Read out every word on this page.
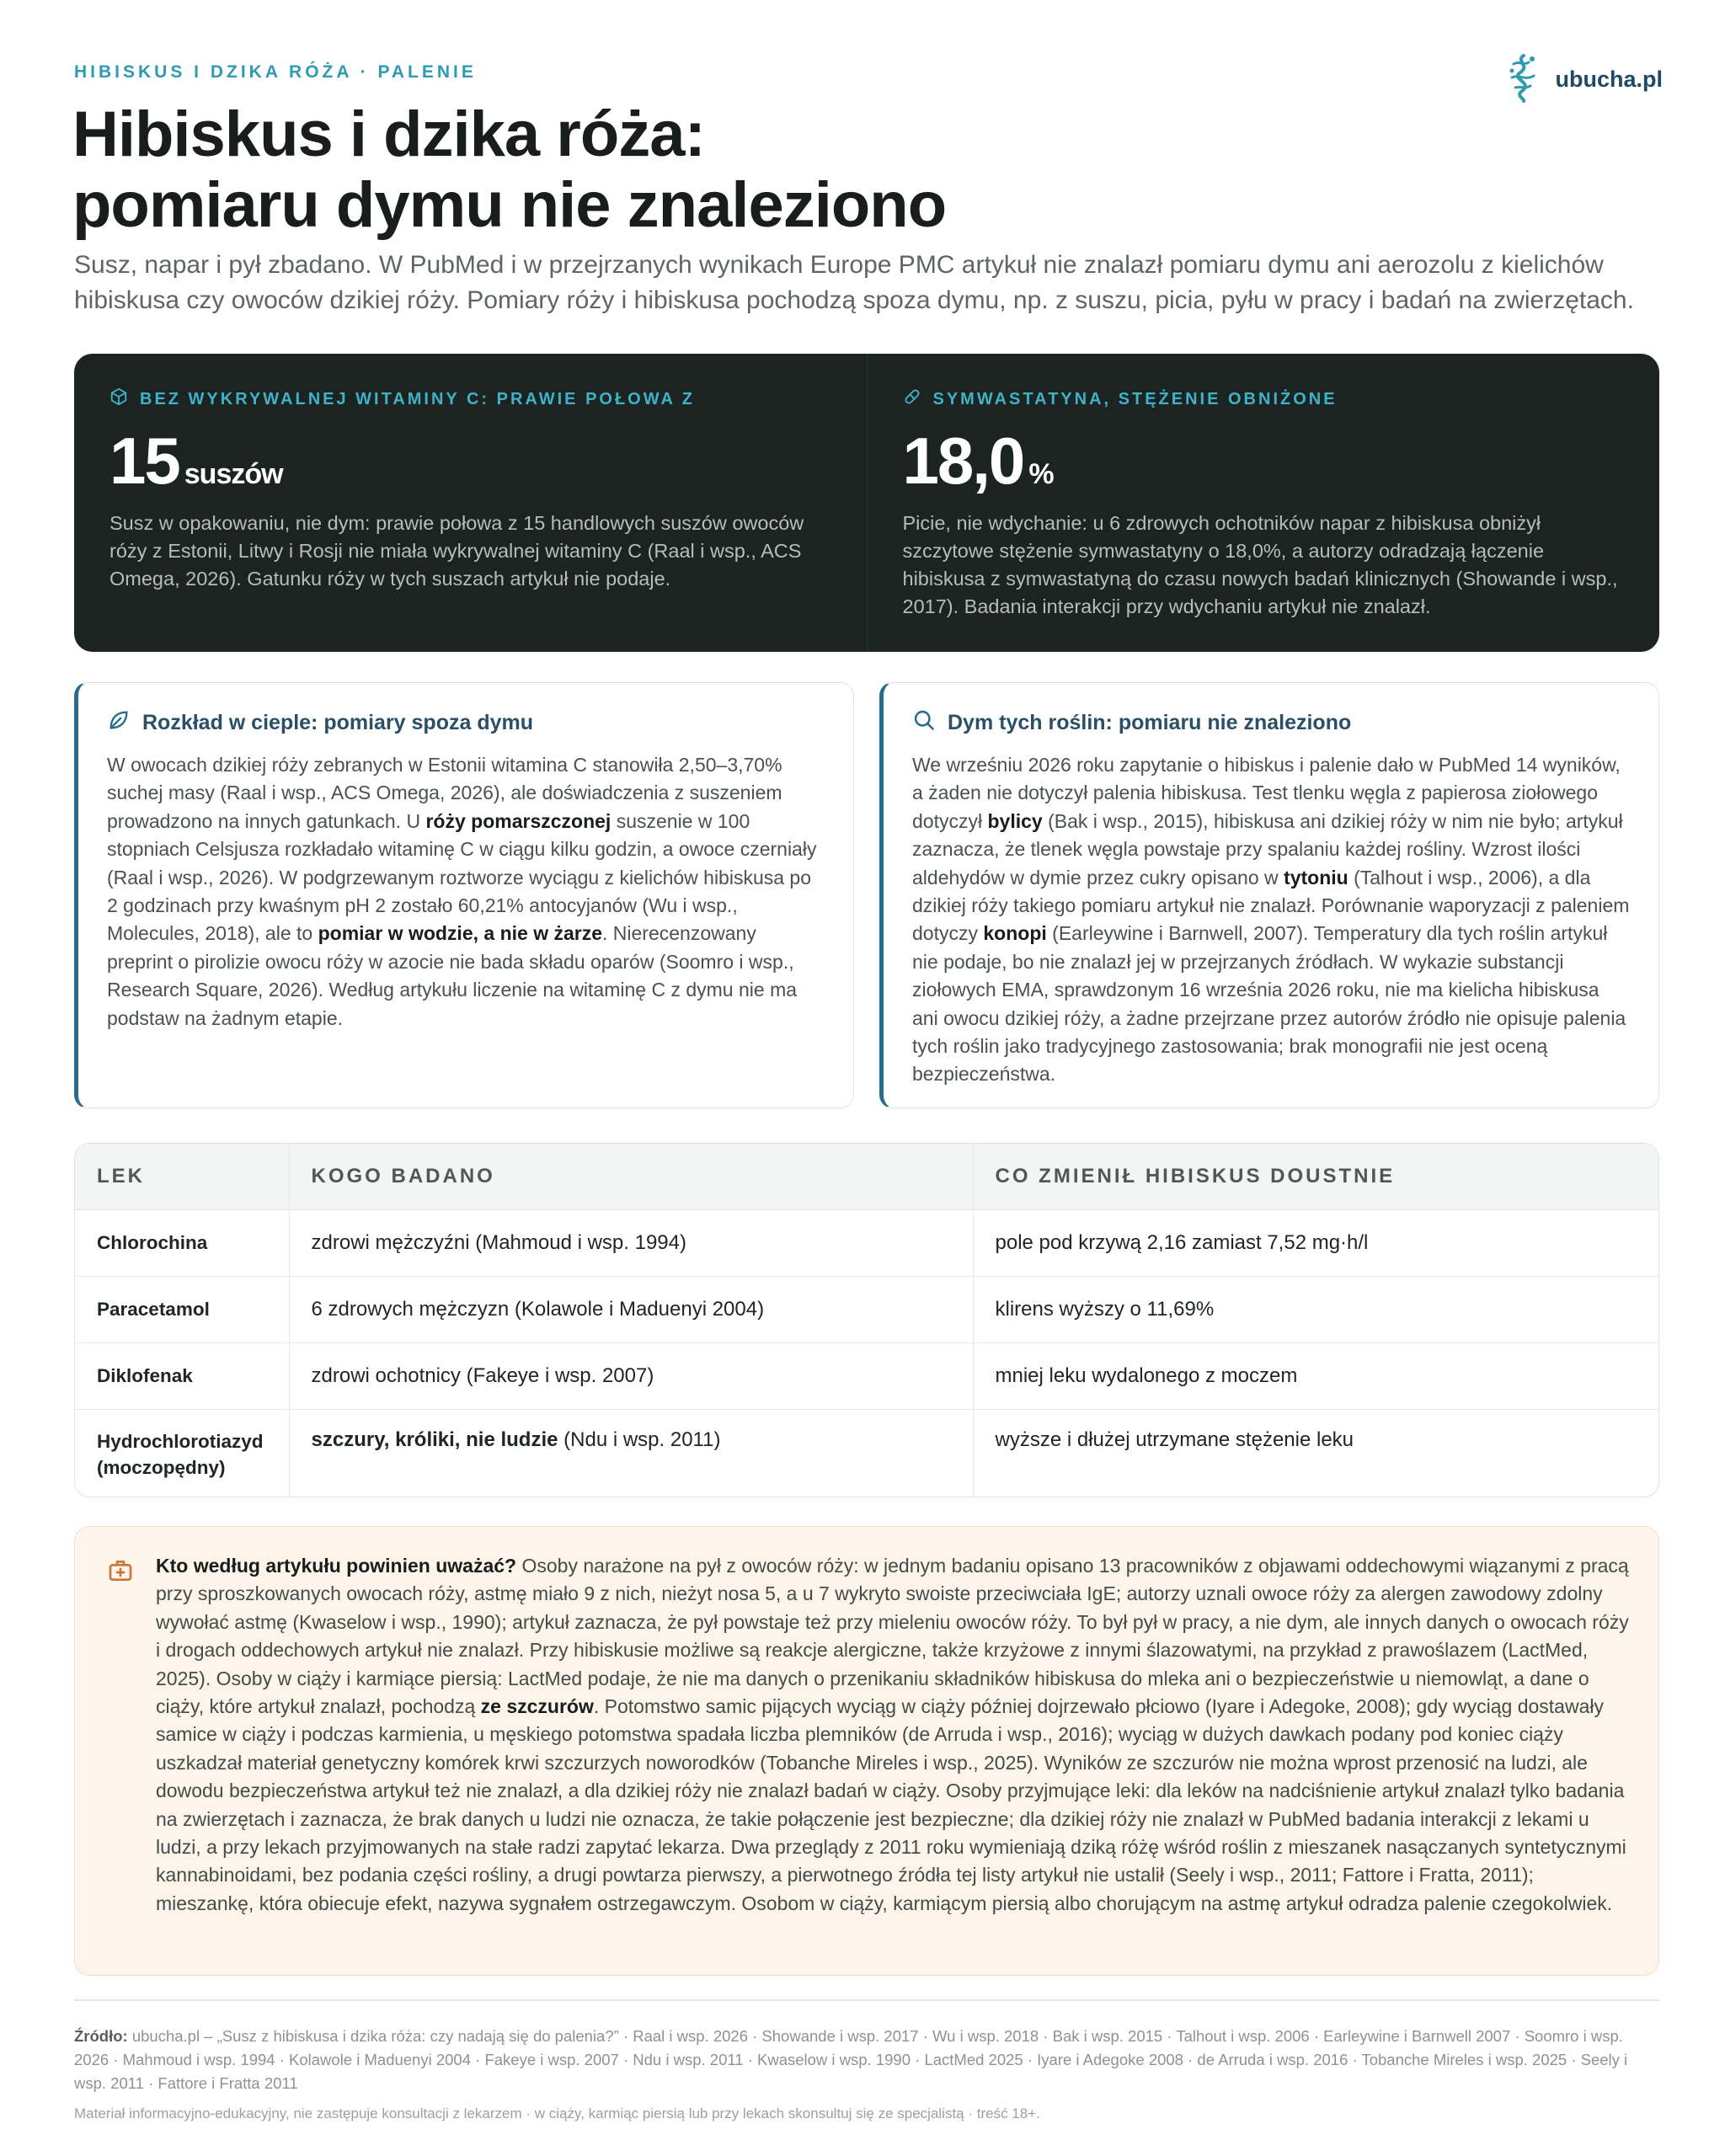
HIBISKUS I DZIKA RÓŻA · PALENIE	ubucha.pl
Hibiskus i dzika róża:
pomiaru dymu nie znaleziono

Susz, napar i pył zbadano. W PubMed i w przejrzanych wynikach Europe PMC artykuł nie znalazł pomiaru dymu ani aerozolu z kielichów hibiskusa czy owoców dzikiej róży. Pomiary róży i hibiskusa pochodzą spoza dymu, np. z suszu, picia, pyłu w pracy i badań na zwierzętach.

BEZ WYKRYWALNEJ WITAMINY C: PRAWIE POŁOWA Z
15 suszów

Susz w opakowaniu, nie dym: prawie połowa z 15 handlowych suszów owoców róży z Estonii, Litwy i Rosji nie miała wykrywalnej witaminy C (Raal i wsp., ACS Omega, 2026). Gatunku róży w tych suszach artykuł nie podaje.

SYMWASTATYNA, STĘŻENIE OBNIŻONE
18,0 %

Picie, nie wdychanie: u 6 zdrowych ochotników napar z hibiskusa obniżył szczytowe stężenie symwastatyny o 18,0%, a autorzy odradzają łączenie hibiskusa z symwastatyną do czasu nowych badań klinicznych (Showande i wsp., 2017). Badania interakcji przy wdychaniu artykuł nie znalazł.

Rozkład w cieple: pomiary spoza dymu

W owocach dzikiej róży zebranych w Estonii witamina C stanowiła 2,50–3,70% suchej masy (Raal i wsp., ACS Omega, 2026), ale doświadczenia z suszeniem prowadzono na innych gatunkach. U róży pomarszczonej suszenie w 100 stopniach Celsjusza rozkładało witaminę C w ciągu kilku godzin, a owoce czerniały (Raal i wsp., 2026). W podgrzewanym roztworze wyciągu z kielichów hibiskusa po 2 godzinach przy kwaśnym pH 2 zostało 60,21% antocyjanów (Wu i wsp., Molecules, 2018), ale to pomiar w wodzie, a nie w żarze. Nierecenzowany preprint o pirolizie owocu róży w azocie nie bada składu oparów (Soomro i wsp., Research Square, 2026). Według artykułu liczenie na witaminę C z dymu nie ma podstaw na żadnym etapie.

Dym tych roślin: pomiaru nie znaleziono

We wrześniu 2026 roku zapytanie o hibiskus i palenie dało w PubMed 14 wyników, a żaden nie dotyczył palenia hibiskusa. Test tlenku węgla z papierosa ziołowego dotyczył bylicy (Bak i wsp., 2015), hibiskusa ani dzikiej róży w nim nie było; artykuł zaznacza, że tlenek węgla powstaje przy spalaniu każdej rośliny. Wzrost ilości aldehydów w dymie przez cukry opisano w tytoniu (Talhout i wsp., 2006), a dla dzikiej róży takiego pomiaru artykuł nie znalazł. Porównanie waporyzacji z paleniem dotyczy konopi (Earleywine i Barnwell, 2007). Temperatury dla tych roślin artykuł nie podaje, bo nie znalazł jej w przejrzanych źródłach. W wykazie substancji ziołowych EMA, sprawdzonym 16 września 2026 roku, nie ma kielicha hibiskusa ani owocu dzikiej róży, a żadne przejrzane przez autorów źródło nie opisuje palenia tych roślin jako tradycyjnego zastosowania; brak monografii nie jest oceną bezpieczeństwa.

LEK	KOGO BADANO	CO ZMIENIŁ HIBISKUS DOUSTNIE
Chlorochina	zdrowi mężczyźni (Mahmoud i wsp. 1994)	pole pod krzywą 2,16 zamiast 7,52 mg·h/l
Paracetamol	6 zdrowych mężczyzn (Kolawole i Maduenyi 2004)	klirens wyższy o 11,69%
Diklofenak	zdrowi ochotnicy (Fakeye i wsp. 2007)	mniej leku wydalonego z moczem
Hydrochlorotiazyd (moczopędny)	szczury, króliki, nie ludzie (Ndu i wsp. 2011)	wyższe i dłużej utrzymane stężenie leku

Kto według artykułu powinien uważać? Osoby narażone na pył z owoców róży: w jednym badaniu opisano 13 pracowników z objawami oddechowymi wiązanymi z pracą przy sproszkowanych owocach róży, astmę miało 9 z nich, nieżyt nosa 5, a u 7 wykryto swoiste przeciwciała IgE; autorzy uznali owoce róży za alergen zawodowy zdolny wywołać astmę (Kwaselow i wsp., 1990); artykuł zaznacza, że pył powstaje też przy mieleniu owoców róży. To był pył w pracy, a nie dym, ale innych danych o owocach róży i drogach oddechowych artykuł nie znalazł. Przy hibiskusie możliwe są reakcje alergiczne, także krzyżowe z innymi ślazowatymi, na przykład z prawoślazem (LactMed, 2025). Osoby w ciąży i karmiące piersią: LactMed podaje, że nie ma danych o przenikaniu składników hibiskusa do mleka ani o bezpieczeństwie u niemowląt, a dane o ciąży, które artykuł znalazł, pochodzą ze szczurów. Potomstwo samic pijących wyciąg w ciąży później dojrzewało płciowo (Iyare i Adegoke, 2008); gdy wyciąg dostawały samice w ciąży i podczas karmienia, u męskiego potomstwa spadała liczba plemników (de Arruda i wsp., 2016); wyciąg w dużych dawkach podany pod koniec ciąży uszkadzał materiał genetyczny komórek krwi szczurzych noworodków (Tobanche Mireles i wsp., 2025). Wyników ze szczurów nie można wprost przenosić na ludzi, ale dowodu bezpieczeństwa artykuł też nie znalazł, a dla dzikiej róży nie znalazł badań w ciąży. Osoby przyjmujące leki: dla leków na nadciśnienie artykuł znalazł tylko badania na zwierzętach i zaznacza, że brak danych u ludzi nie oznacza, że takie połączenie jest bezpieczne; dla dzikiej róży nie znalazł w PubMed badania interakcji z lekami u ludzi, a przy lekach przyjmowanych na stałe radzi zapytać lekarza. Dwa przeglądy z 2011 roku wymieniają dziką różę wśród roślin z mieszanek nasączanych syntetycznymi kannabinoidami, bez podania części rośliny, a drugi powtarza pierwszy, a pierwotnego źródła tej listy artykuł nie ustalił (Seely i wsp., 2011; Fattore i Fratta, 2011); mieszankę, która obiecuje efekt, nazywa sygnałem ostrzegawczym. Osobom w ciąży, karmiącym piersią albo chorującym na astmę artykuł odradza palenie czegokolwiek.

Źródło: ubucha.pl – „Susz z hibiskusa i dzika róża: czy nadają się do palenia?” · Raal i wsp. 2026 · Showande i wsp. 2017 · Wu i wsp. 2018 · Bak i wsp. 2015 · Talhout i wsp. 2006 · Earleywine i Barnwell 2007 · Soomro i wsp. 2026 · Mahmoud i wsp. 1994 · Kolawole i Maduenyi 2004 · Fakeye i wsp. 2007 · Ndu i wsp. 2011 · Kwaselow i wsp. 1990 · LactMed 2025 · Iyare i Adegoke 2008 · de Arruda i wsp. 2016 · Tobanche Mireles i wsp. 2025 · Seely i wsp. 2011 · Fattore i Fratta 2011

Materiał informacyjno-edukacyjny, nie zastępuje konsultacji z lekarzem · w ciąży, karmiąc piersią lub przy lekach skonsultuj się ze specjalistą · treść 18+.
